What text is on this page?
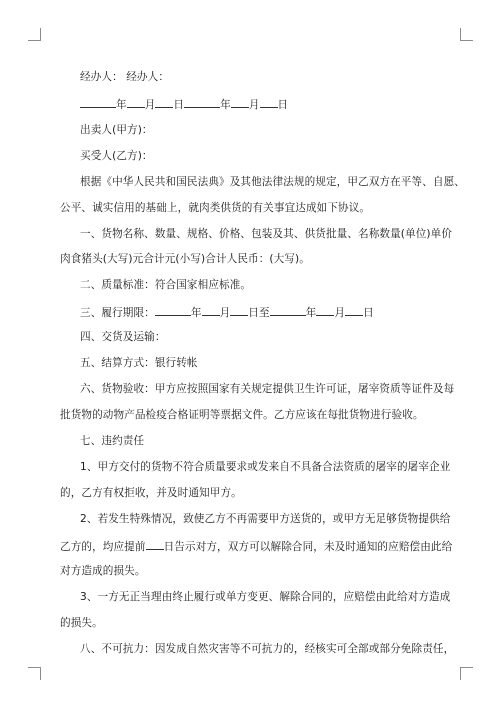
经办人： 经办人：
年 月 日	年 月 日
出卖人(甲方)：
买受人(乙方)：
根据《中华人民共和国民法典》及其他法律法规的规定，甲乙双方在平等、自愿、
公平、诚实信用的基础上，就肉类供货的有关事宜达成如下协议。
一、货物名称、数量、规格、价格、包装及其、供货批量、名称数量(单位)单价
肉食猪头(大写)元合计元(小写)合计人民币：(大写)。
二、质量标准：符合国家相应标准。
三、履行期限：	年 月 日至	年 月 日
四、交货及运输：
五、结算方式：银行转帐
六、货物验收：甲方应按照国家有关规定提供卫生许可证，屠宰资质等证件及每
批货物的动物产品检疫合格证明等票据文件。乙方应该在每批货物进行验收。
七、违约责任
1、甲方交付的货物不符合质量要求或发来自不具备合法资质的屠宰的屠宰企业
的，乙方有权拒收，并及时通知甲方。
2、若发生特殊情况，致使乙方不再需要甲方送货的，或甲方无足够货物提供给
乙方的，均应提前 日告示对方，双方可以解除合同，未及时通知的应赔偿由此给
对方造成的损失。
3、一方无正当理由终止履行或单方变更、解除合同的，应赔偿由此给对方造成
的损失。
八、不可抗力：因发成自然灾害等不可抗力的，经核实可全部或部分免除责任，
